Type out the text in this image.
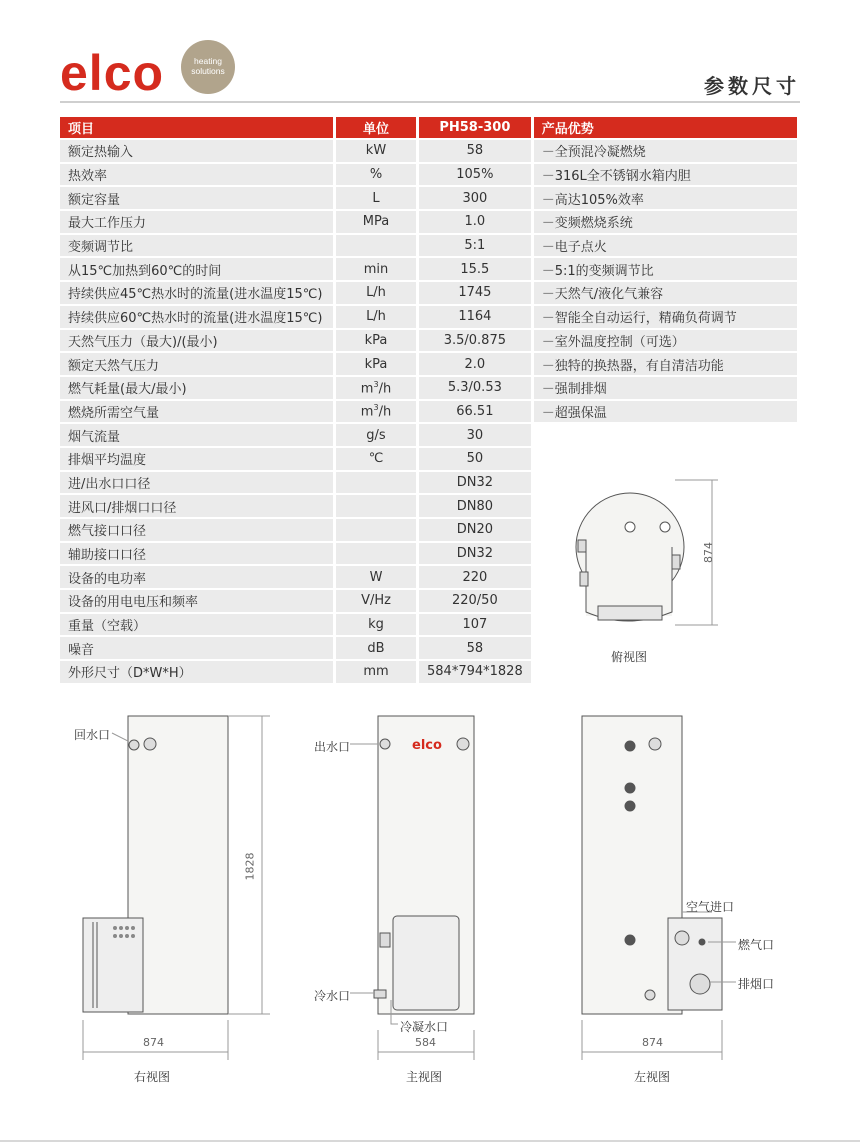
elco	heating
solutions
参数尺寸
项目	单位	PH58-300	产品优势
额定热输入	kW	58	－全预混冷凝燃烧
热效率	%	105%	－316L全不锈钢水箱内胆
额定容量	L	300	－高达105%效率
最大工作压力	MPa	1.0	－变频燃烧系统
变频调节比		5:1	－电子点火
从15℃加热到60℃的时间	min	15.5	－5:1的变频调节比
持续供应45℃热水时的流量(进水温度15℃)	L/h	1745	－天然气/液化气兼容
持续供应60℃热水时的流量(进水温度15℃)	L/h	1164	－智能全自动运行，精确负荷调节
天然气压力（最大)/(最小)	kPa	3.5/0.875	－室外温度控制（可选）
额定天然气压力	kPa	2.0	－独特的换热器，有自清洁功能
燃气耗量(最大/最小)	$m^3/h$	5.3/0.53	－强制排烟
燃烧所需空气量	$m^3/h$	66.51	－超强保温
烟气流量	g/s	30	
排烟平均温度	℃	50	
进/出水口口径		DN32	
进风口/排烟口口径		DN80	
燃气接口口径		DN20	
辅助接口口径		DN32	
设备的电功率	W	220	
设备的用电电压和频率	V/Hz	220/50	
重量（空载）	kg	107	
噪音	dB	58	
外形尺寸（D*W*H）	mm	584*794*1828	
874
俯视图
回水口
1828
874
右视图
出水口	elco
冷水口
冷凝水口
584
主视图
空气进口
燃气口
排烟口
874
左视图
